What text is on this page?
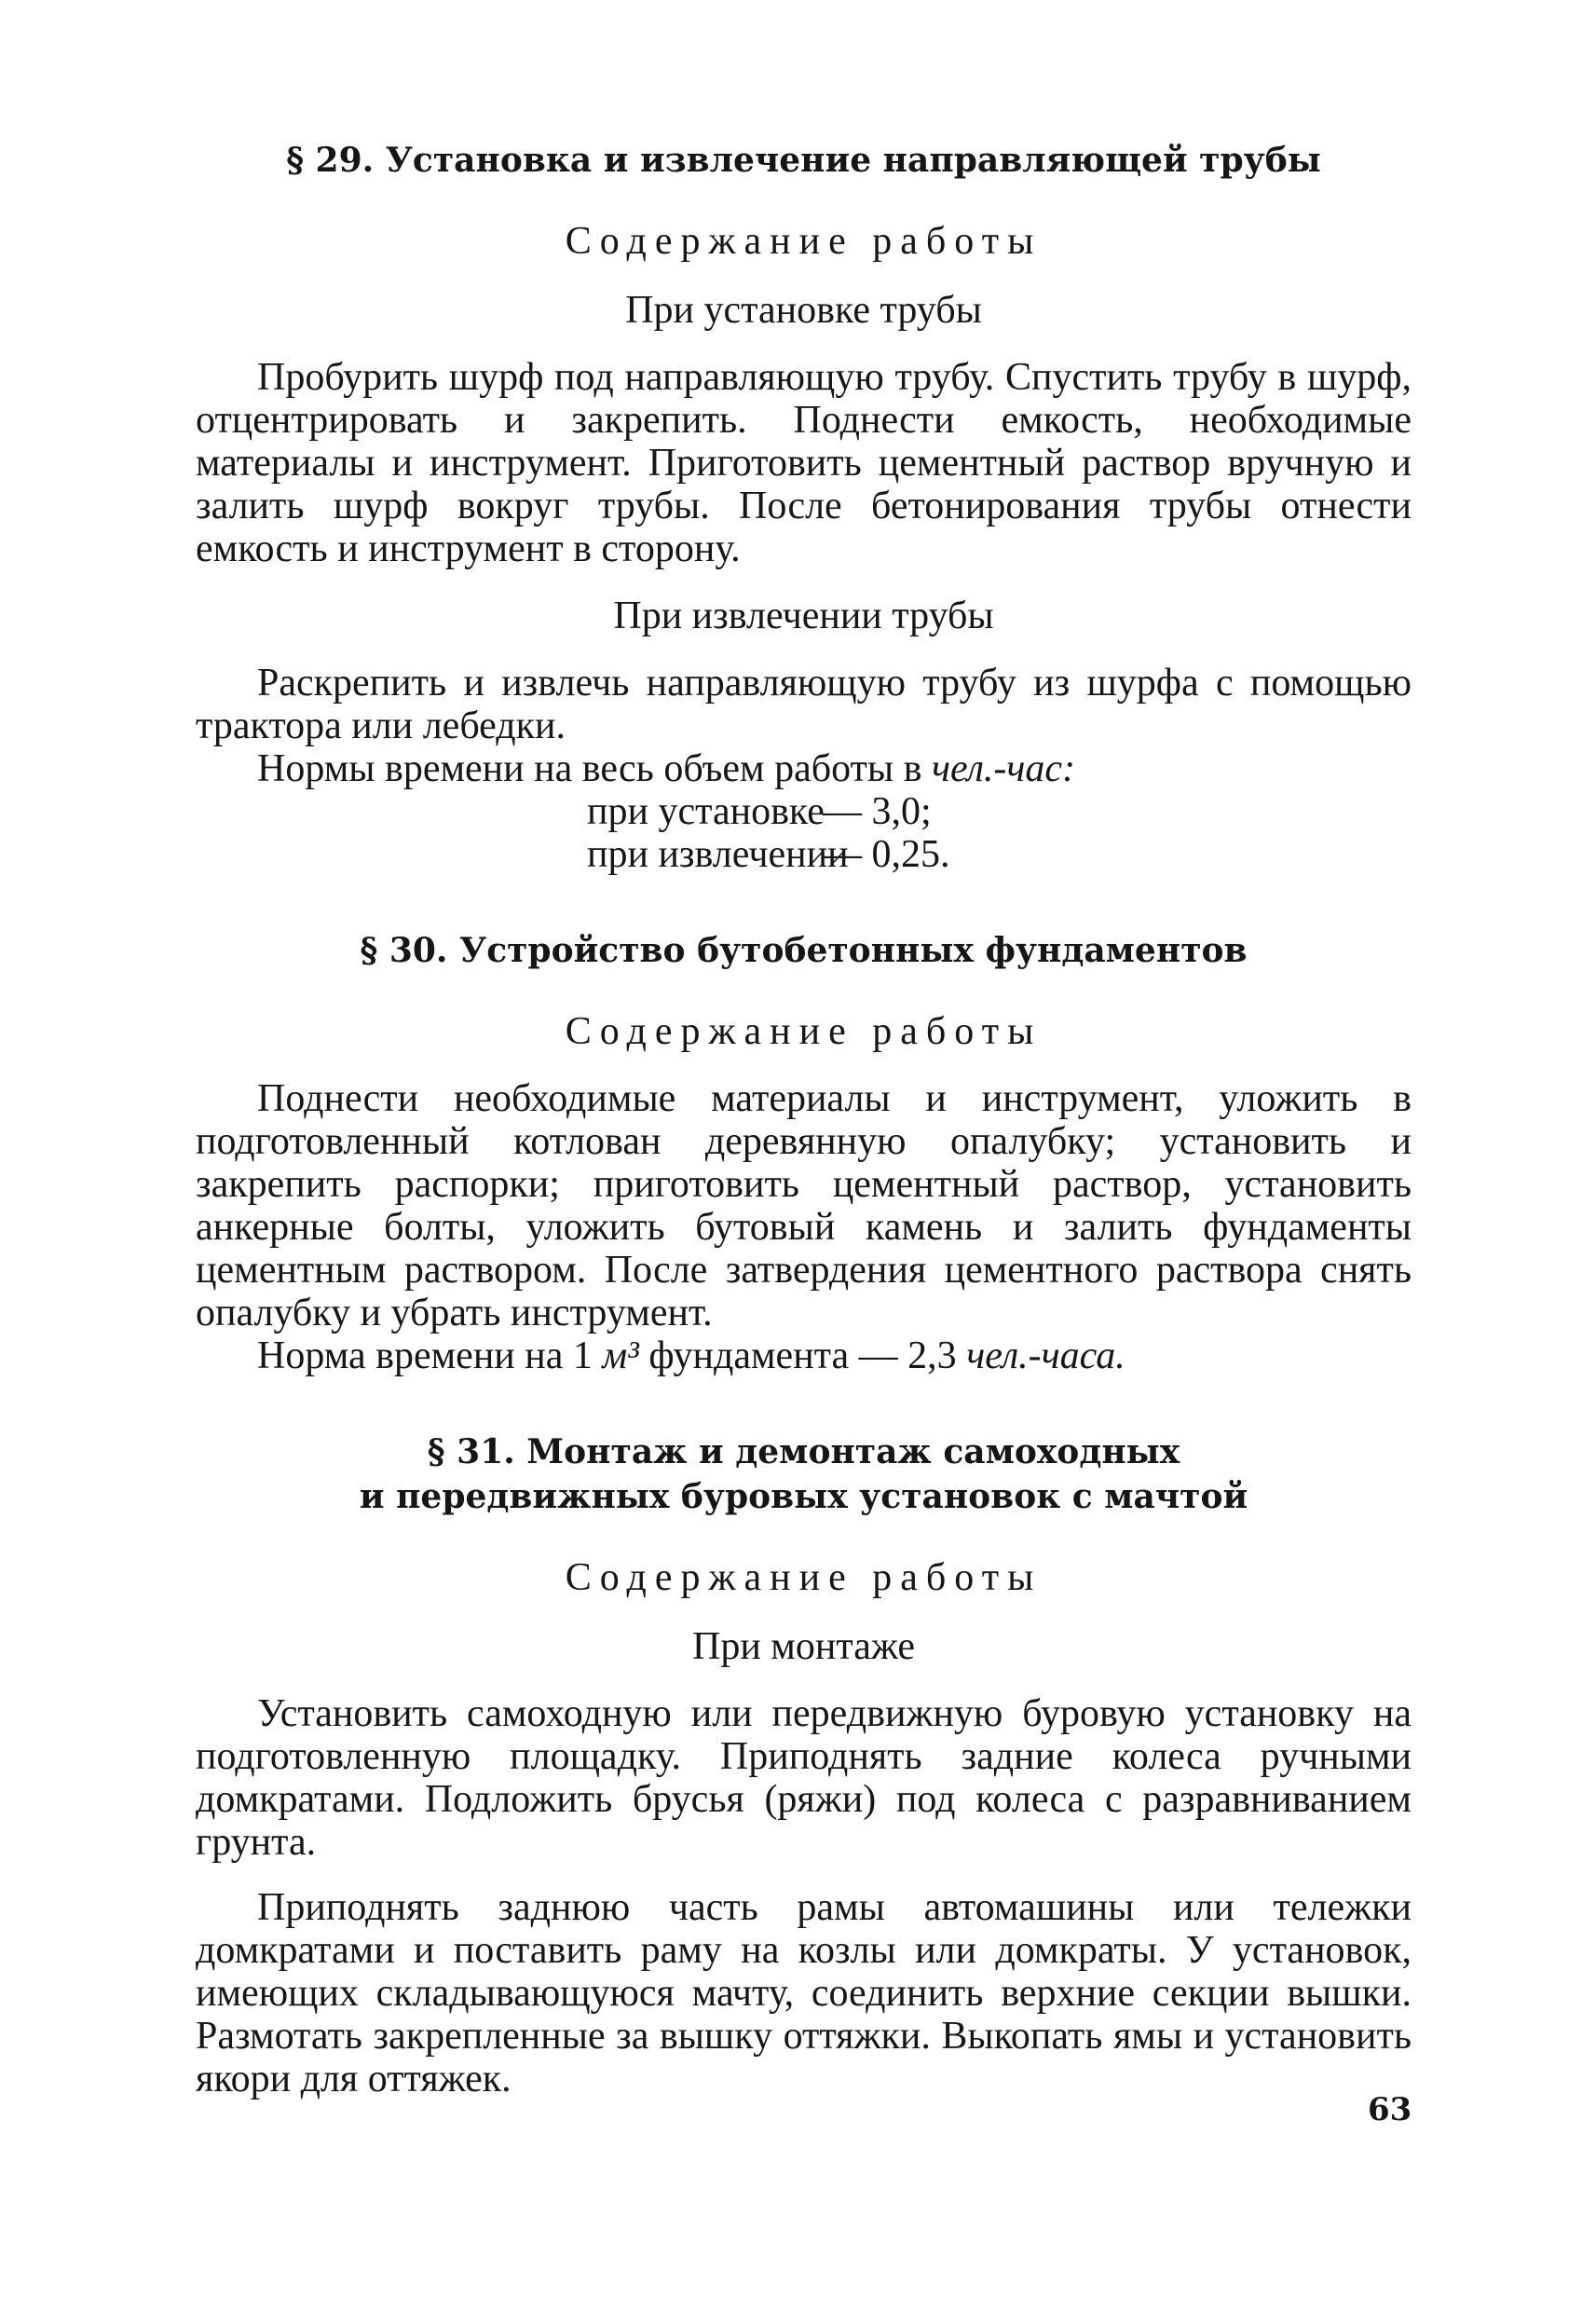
§ 29. Установка и извлечение направляющей трубы

Содержание работы

При установке трубы

Пробурить шурф под направляющую трубу. Спустить трубу в шурф, отцентрировать и закрепить. Поднести емкость, необходимые материалы и инструмент. Приготовить цементный раствор вручную и залить шурф вокруг трубы. После бетонирования трубы отнести емкость и инструмент в сторону.

При извлечении трубы

Раскрепить и извлечь направляющую трубу из шурфа с помощью трактора или лебедки.

Нормы времени на весь объем работы в чел.-час:

при установке
— 3,0;
при извлечении
— 0,25.

§ 30. Устройство бутобетонных фундаментов

Содержание работы

Поднести необходимые материалы и инструмент, уложить в подготовленный котлован деревянную опалубку; установить и закрепить распорки; приготовить цементный раствор, установить анкерные болты, уложить бутовый камень и залить фундаменты цементным раствором. После затвердения цементного раствора снять опалубку и убрать инструмент.

Норма времени на 1 м³ фундамента — 2,3 чел.-часа.

§ 31. Монтаж и демонтаж самоходных

и передвижных буровых установок с мачтой

Содержание работы

При монтаже

Установить самоходную или передвижную буровую установку на подготовленную площадку. Приподнять задние колеса ручными домкратами. Подложить брусья (ряжи) под колеса с разравниванием грунта.

Приподнять заднюю часть рамы автомашины или тележки домкратами и поставить раму на козлы или домкраты. У установок, имеющих складывающуюся мачту, соединить верхние секции вышки. Размотать закрепленные за вышку оттяжки. Выкопать ямы и установить якори для оттяжек.

63
